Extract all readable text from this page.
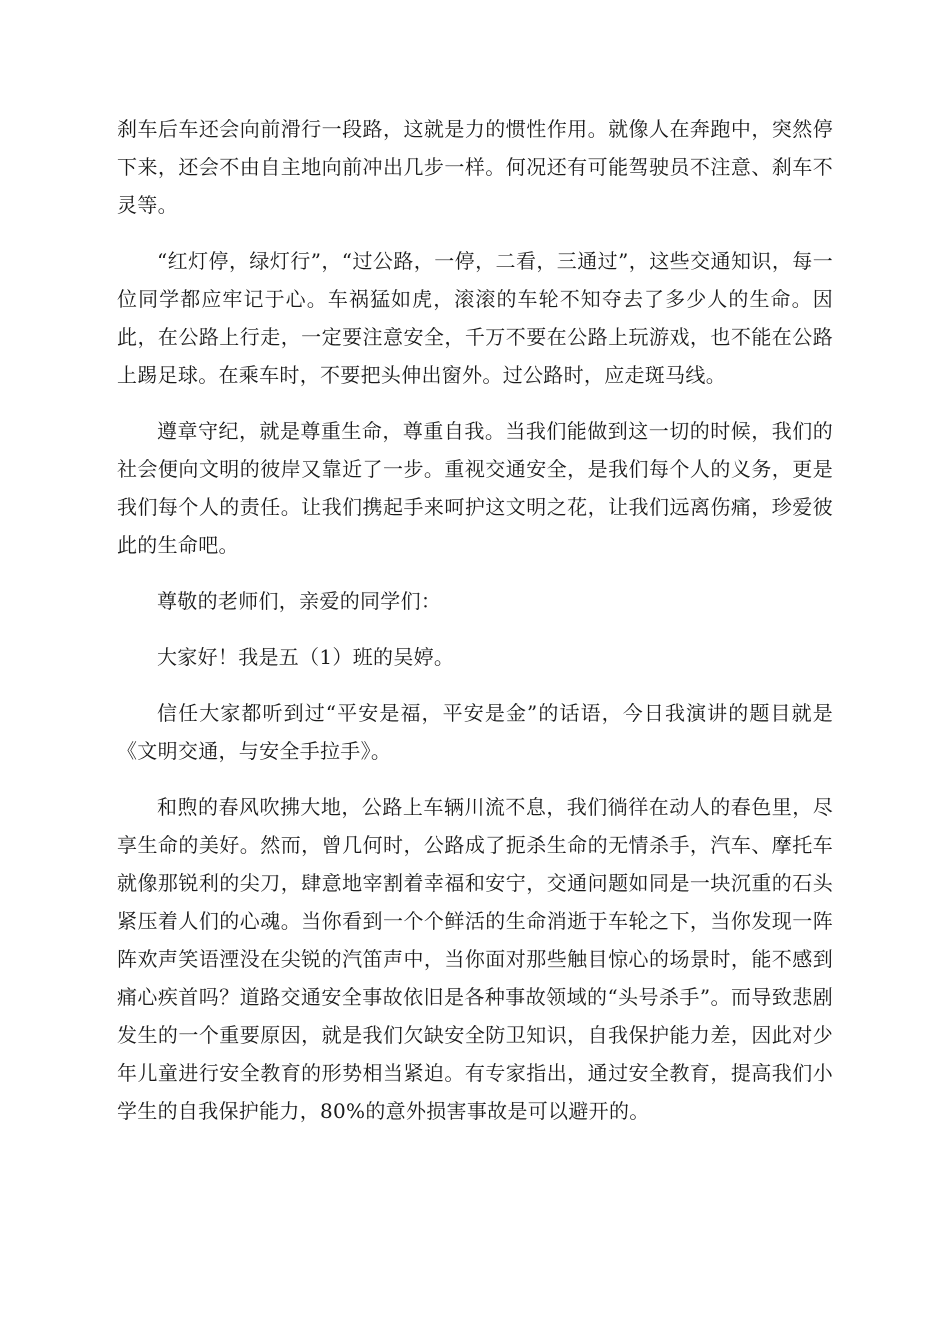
刹车后车还会向前滑行一段路，这就是力的惯性作用。就像人在奔跑中，突然停下来，还会不由自主地向前冲出几步一样。何况还有可能驾驶员不注意、刹车不灵等。

“红灯停，绿灯行”，“过公路，一停，二看，三通过”，这些交通知识，每一位同学都应牢记于心。车祸猛如虎，滚滚的车轮不知夺去了多少人的生命。因此，在公路上行走，一定要注意安全，千万不要在公路上玩游戏，也不能在公路上踢足球。在乘车时，不要把头伸出窗外。过公路时，应走斑马线。

遵章守纪，就是尊重生命，尊重自我。当我们能做到这一切的时候，我们的社会便向文明的彼岸又靠近了一步。重视交通安全，是我们每个人的义务，更是我们每个人的责任。让我们携起手来呵护这文明之花，让我们远离伤痛，珍爱彼此的生命吧。

尊敬的老师们，亲爱的同学们：

大家好！我是五（1）班的吴婷。

信任大家都听到过“平安是福，平安是金”的话语，今日我演讲的题目就是《文明交通，与安全手拉手》。

和煦的春风吹拂大地，公路上车辆川流不息，我们徜徉在动人的春色里，尽享生命的美好。然而，曾几何时，公路成了扼杀生命的无情杀手，汽车、摩托车就像那锐利的尖刀，肆意地宰割着幸福和安宁，交通问题如同是一块沉重的石头紧压着人们的心魂。当你看到一个个鲜活的生命消逝于车轮之下，当你发现一阵阵欢声笑语湮没在尖锐的汽笛声中，当你面对那些触目惊心的场景时，能不感到痛心疾首吗？道路交通安全事故依旧是各种事故领域的“头号杀手”。而导致悲剧发生的一个重要原因，就是我们欠缺安全防卫知识，自我保护能力差，因此对少年儿童进行安全教育的形势相当紧迫。有专家指出，通过安全教育，提高我们小学生的自我保护能力，80%的意外损害事故是可以避开的。
